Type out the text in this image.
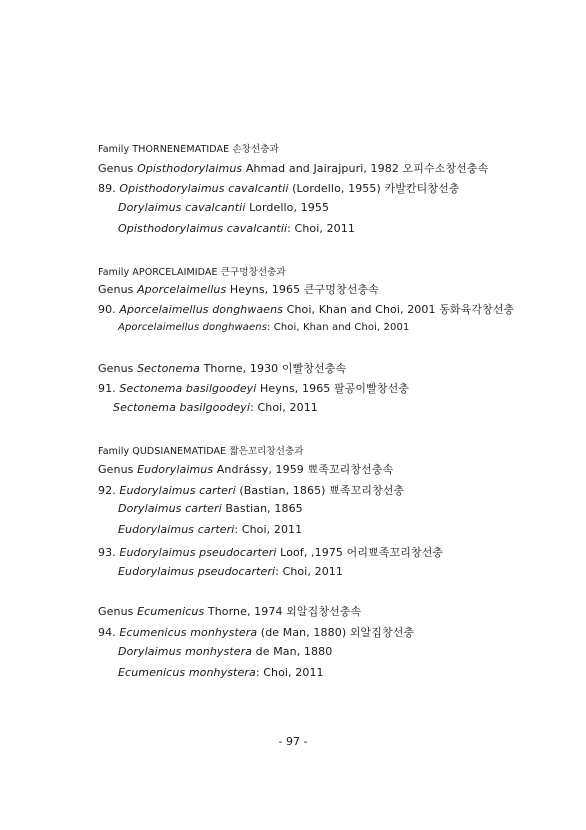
Family THORNENEMATIDAE 손창선충과
Genus Opisthodorylaimus Ahmad and Jairajpuri, 1982 오피수소창선충속
89. Opisthodorylaimus cavalcantii (Lordello, 1955) 카발칸티창선충
Dorylaimus cavalcantii Lordello, 1955
Opisthodorylaimus cavalcantii: Choi, 2011
Family APORCELAIMIDAE 큰구멍창선충과
Genus Aporcelaimellus Heyns, 1965 큰구멍창선충속
90. Aporcelaimellus donghwaens Choi, Khan and Choi, 2001 동화육각창선충
Aporcelaimellus donghwaens: Choi, Khan and Choi, 2001
Genus Sectonema Thorne, 1930 이빨창선충속
91. Sectonema basilgoodeyi Heyns, 1965 팔공이빨창선충
Sectonema basilgoodeyi: Choi, 2011
Family QUDSIANEMATIDAE 짧은꼬리창선충과
Genus Eudorylaimus Andrássy, 1959 뾰족꼬리창선충속
92. Eudorylaimus carteri (Bastian, 1865) 뾰족꼬리창선충
Dorylaimus carteri Bastian, 1865
Eudorylaimus carteri: Choi, 2011
93. Eudorylaimus pseudocarteri Loof, ,1975 어리뾰족꼬리창선충
Eudorylaimus pseudocarteri: Choi, 2011
Genus Ecumenicus Thorne, 1974 외알집창선충속
94. Ecumenicus monhystera (de Man, 1880) 외알집창선충
Dorylaimus monhystera de Man, 1880
Ecumenicus monhystera: Choi, 2011
- 97 -
